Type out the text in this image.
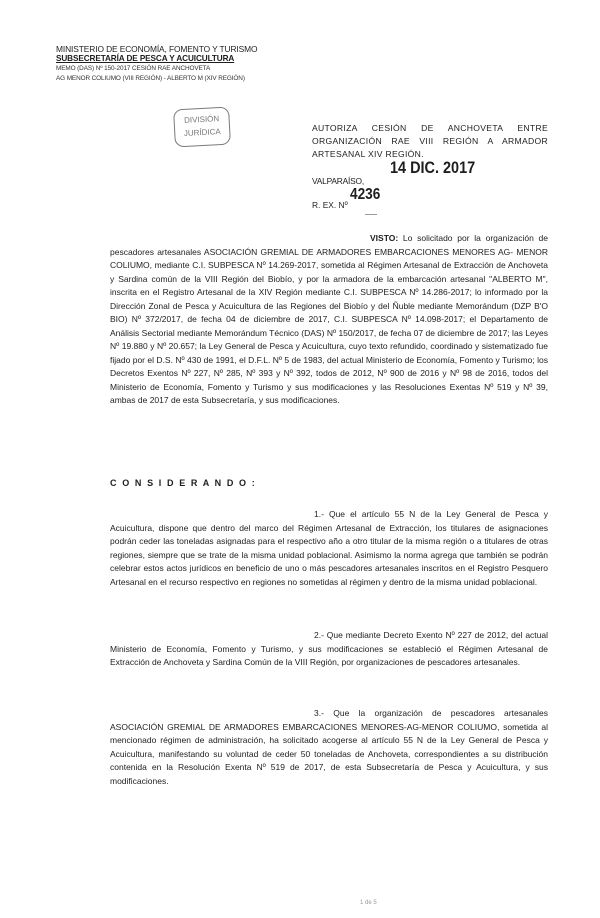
MINISTERIO DE ECONOMÍA, FOMENTO Y TURISMO
SUBSECRETARÍA DE PESCA Y ACUICULTURA
MEMO (DAS) Nº 150-2017 CESIÓN RAE ANCHOVETA
AG MENOR COLIUMO (VIII REGIÓN) - ALBERTO M (XIV REGIÓN)
DIVISIÓN
JURÍDICA	AUTORIZA CESIÓN DE ANCHOVETA ENTRE ORGANIZACIÓN RAE VIII REGIÓN A ARMADOR ARTESANAL XIV REGIÓN.
14 DIC. 2017
VALPARAÍSO,
4236
R. EX. Nº
VISTO: Lo solicitado por la organización de pescadores artesanales ASOCIACIÓN GREMIAL DE ARMADORES EMBARCACIONES MENORES AG- MENOR COLIUMO, mediante C.I. SUBPESCA Nº 14.269-2017, sometida al Régimen Artesanal de Extracción de Anchoveta y Sardina común de la VIII Región del Biobío, y por la armadora de la embarcación artesanal "ALBERTO M", inscrita en el Registro Artesanal de la XIV Región mediante C.I. SUBPESCA Nº 14.286-2017; lo informado por la Dirección Zonal de Pesca y Acuicultura de las Regiones del Biobío y del Ñuble mediante Memorándum (DZP B'O BIO) Nº 372/2017, de fecha 04 de diciembre de 2017, C.I. SUBPESCA Nº 14.098-2017; el Departamento de Análisis Sectorial mediante Memorándum Técnico (DAS) Nº 150/2017, de fecha 07 de diciembre de 2017; las Leyes Nº 19.880 y Nº 20.657; la Ley General de Pesca y Acuicultura, cuyo texto refundido, coordinado y sistematizado fue fijado por el D.S. Nº 430 de 1991, el D.F.L. Nº 5 de 1983, del actual Ministerio de Economía, Fomento y Turismo; los Decretos Exentos Nº 227, Nº 285, Nº 393 y Nº 392, todos de 2012, Nº 900 de 2016 y Nº 98 de 2016, todos del Ministerio de Economía, Fomento y Turismo y sus modificaciones y las Resoluciones Exentas Nº 519 y Nº 39, ambas de 2017 de esta Subsecretaría, y sus modificaciones.
C O N S I D E R A N D O :
1.- Que el artículo 55 N de la Ley General de Pesca y Acuicultura, dispone que dentro del marco del Régimen Artesanal de Extracción, los titulares de asignaciones podrán ceder las toneladas asignadas para el respectivo año a otro titular de la misma región o a titulares de otras regiones, siempre que se trate de la misma unidad poblacional. Asimismo la norma agrega que también se podrán celebrar estos actos jurídicos en beneficio de uno o más pescadores artesanales inscritos en el Registro Pesquero Artesanal en el recurso respectivo en regiones no sometidas al régimen y dentro de la misma unidad poblacional.
2.- Que mediante Decreto Exento Nº 227 de 2012, del actual Ministerio de Economía, Fomento y Turismo, y sus modificaciones se estableció el Régimen Artesanal de Extracción de Anchoveta y Sardina Común de la VIII Región, por organizaciones de pescadores artesanales.
3.- Que la organización de pescadores artesanales ASOCIACIÓN GREMIAL DE ARMADORES EMBARCACIONES MENORES-AG-MENOR COLIUMO, sometida al mencionado régimen de administración, ha solicitado acogerse al artículo 55 N de la Ley General de Pesca y Acuicultura, manifestando su voluntad de ceder 50 toneladas de Anchoveta, correspondientes a su distribución contenida en la Resolución Exenta Nº 519 de 2017, de esta Subsecretaría de Pesca y Acuicultura, y sus modificaciones.
1 de 5
